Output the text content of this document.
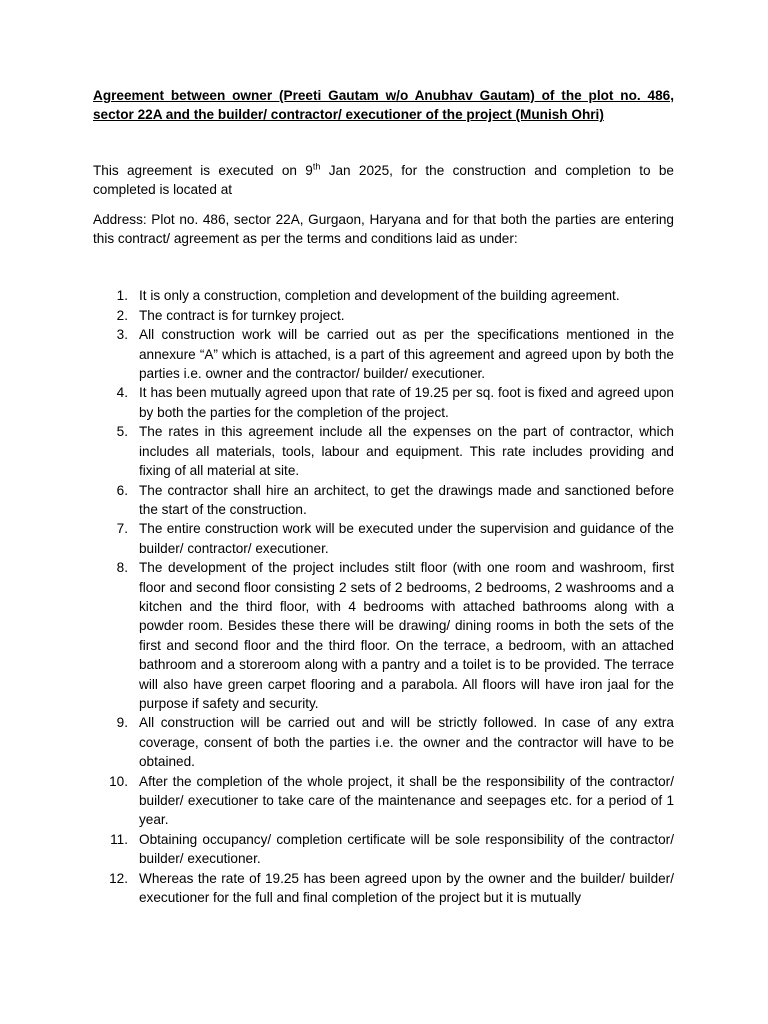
Agreement between owner (Preeti Gautam w/o Anubhav Gautam) of the plot no. 486, sector 22A and the builder/ contractor/ executioner of the project (Munish Ohri)

This agreement is executed on 9th Jan 2025, for the construction and completion to be completed is located at

Address: Plot no. 486, sector 22A, Gurgaon, Haryana and for that both the parties are entering this contract/ agreement as per the terms and conditions laid as under:

1. It is only a construction, completion and development of the building agreement.
2. The contract is for turnkey project.
3. All construction work will be carried out as per the specifications mentioned in the annexure “A” which is attached, is a part of this agreement and agreed upon by both the parties i.e. owner and the contractor/ builder/ executioner.
4. It has been mutually agreed upon that rate of 19.25 per sq. foot is fixed and agreed upon by both the parties for the completion of the project.
5. The rates in this agreement include all the expenses on the part of contractor, which includes all materials, tools, labour and equipment. This rate includes providing and fixing of all material at site.
6. The contractor shall hire an architect, to get the drawings made and sanctioned before the start of the construction.
7. The entire construction work will be executed under the supervision and guidance of the builder/ contractor/ executioner.
8. The development of the project includes stilt floor (with one room and washroom, first floor and second floor consisting 2 sets of 2 bedrooms, 2 bedrooms, 2 washrooms and a kitchen and the third floor, with 4 bedrooms with attached bathrooms along with a powder room. Besides these there will be drawing/ dining rooms in both the sets of the first and second floor and the third floor. On the terrace, a bedroom, with an attached bathroom and a storeroom along with a pantry and a toilet is to be provided. The terrace will also have green carpet flooring and a parabola. All floors will have iron jaal for the purpose if safety and security.
9. All construction will be carried out and will be strictly followed. In case of any extra coverage, consent of both the parties i.e. the owner and the contractor will have to be obtained.
10. After the completion of the whole project, it shall be the responsibility of the contractor/ builder/ executioner to take care of the maintenance and seepages etc. for a period of 1 year.
11. Obtaining occupancy/ completion certificate will be sole responsibility of the contractor/ builder/ executioner.
12. Whereas the rate of 19.25 has been agreed upon by the owner and the builder/ builder/ executioner for the full and final completion of the project but it is mutually
